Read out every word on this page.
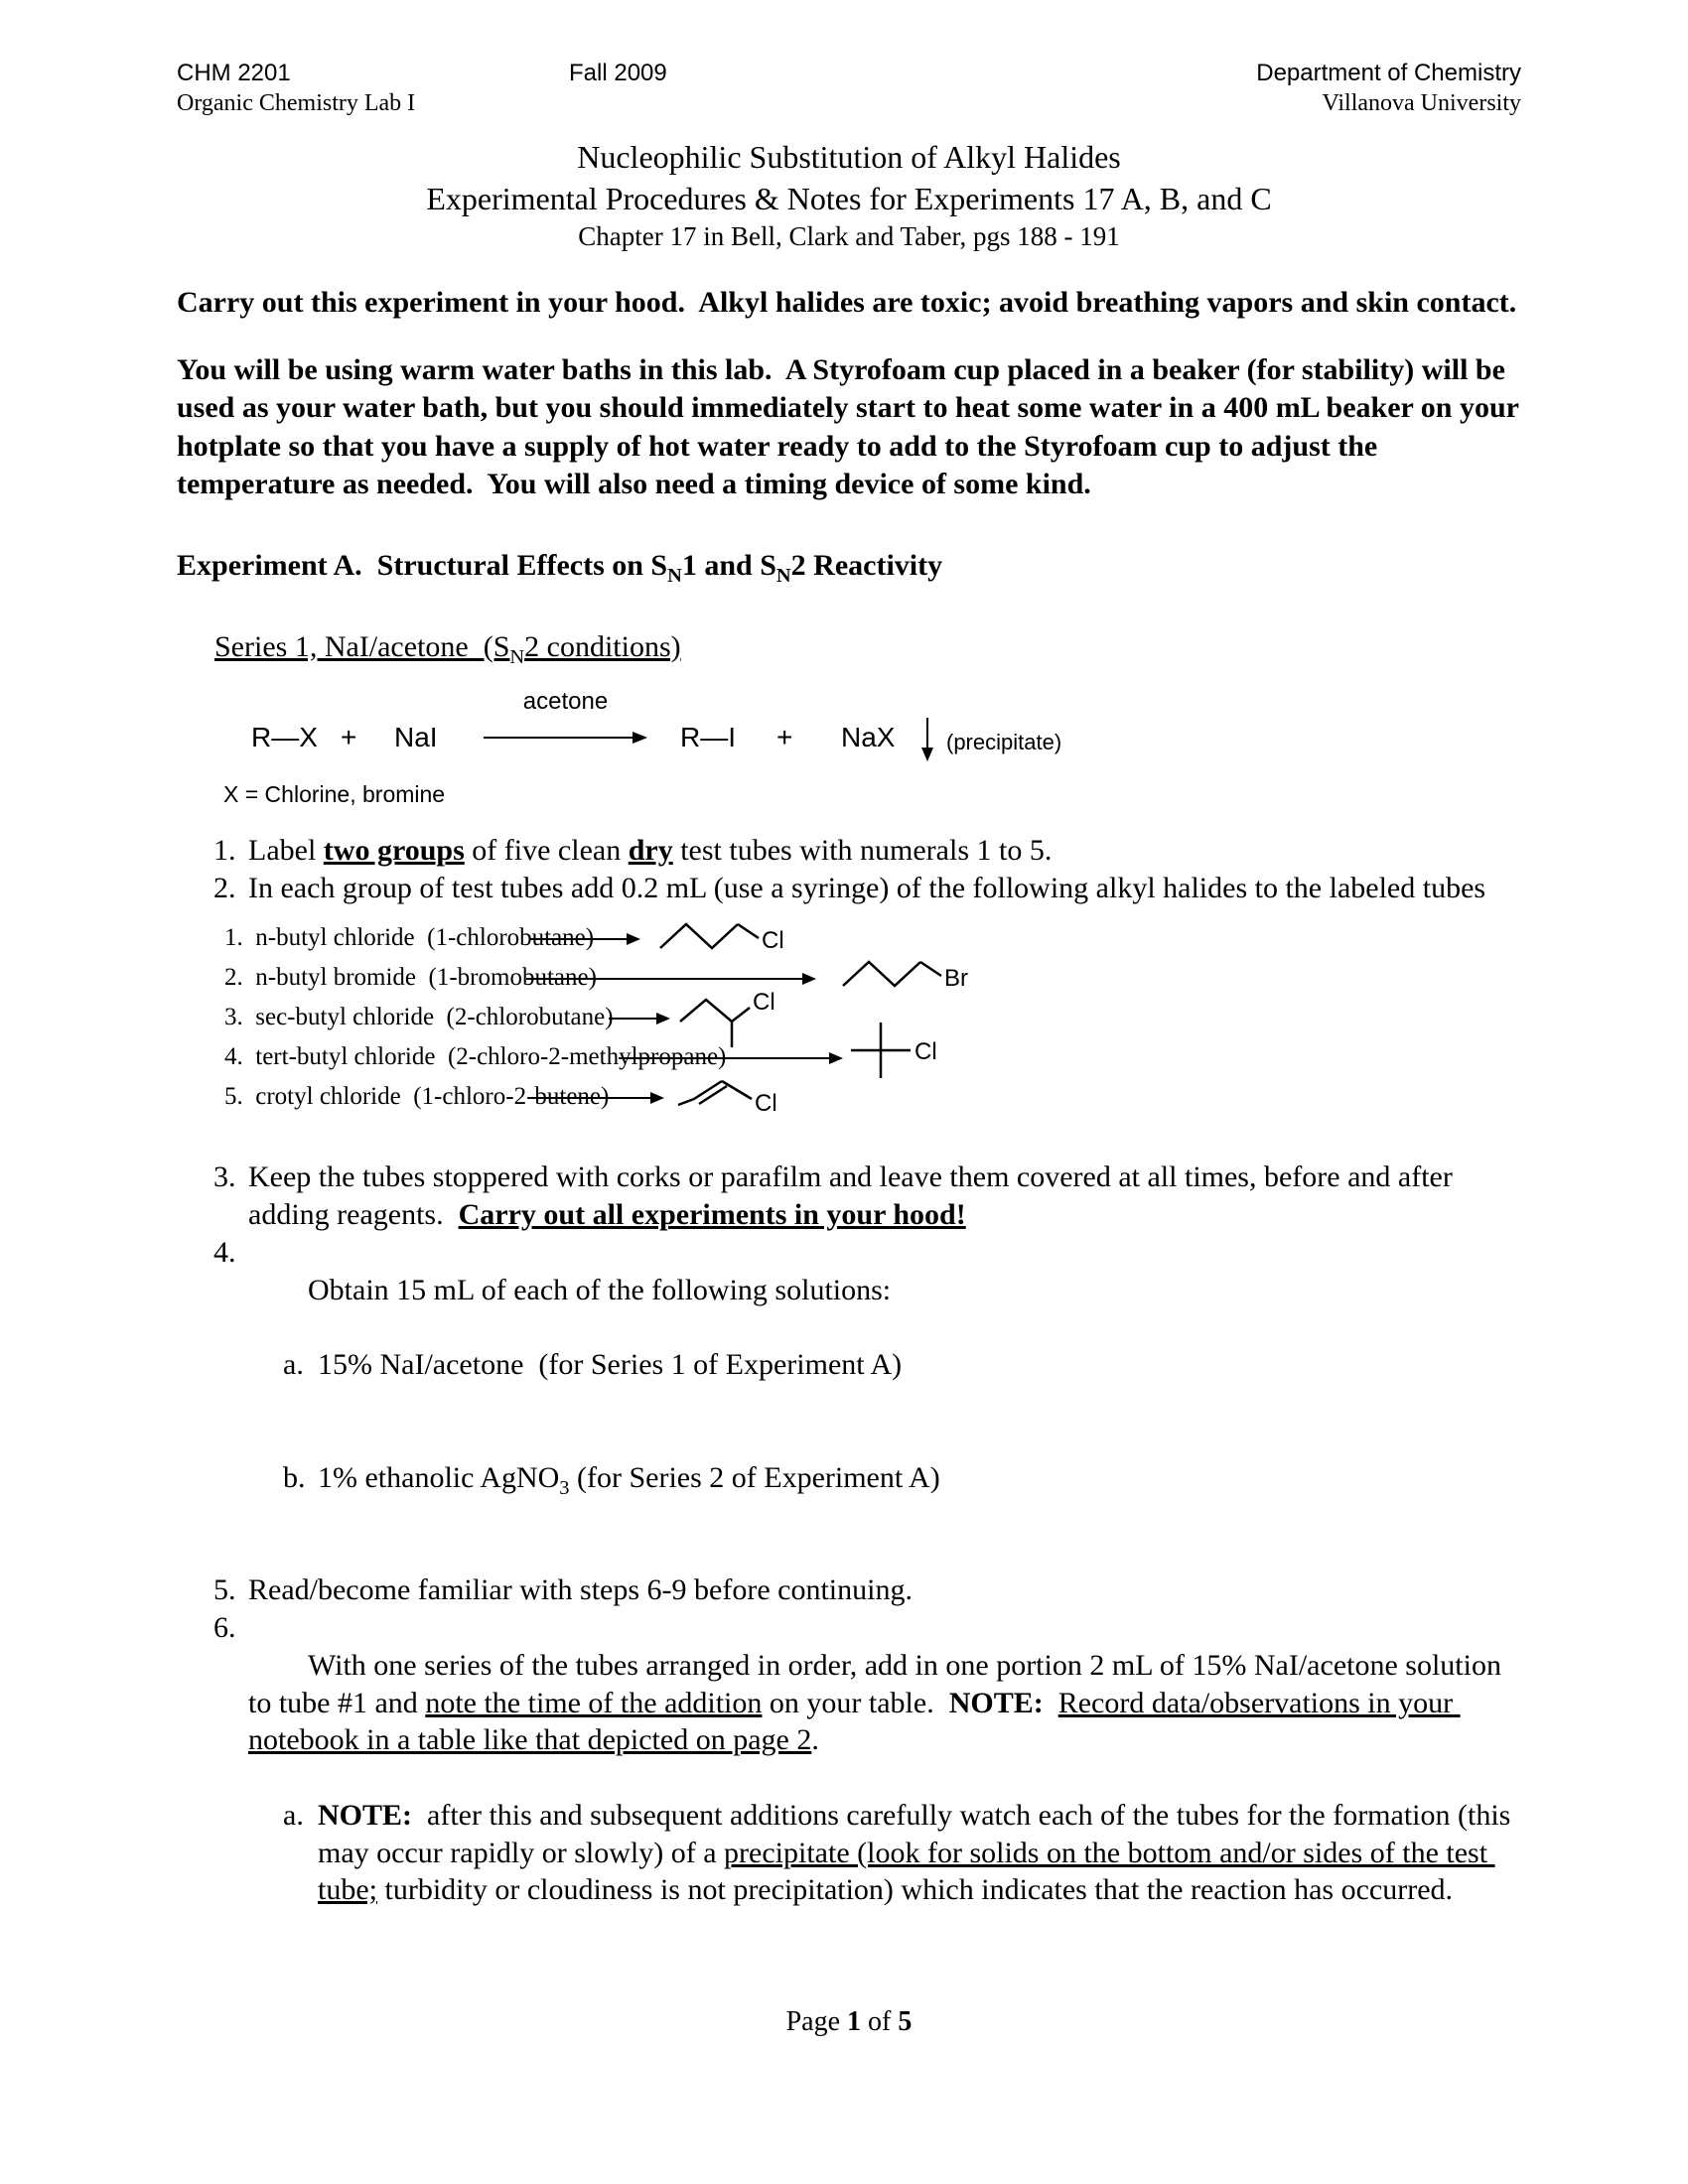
CHM 2201
Organic Chemistry Lab I
Fall 2009	Department of Chemistry
Villanova University
Nucleophilic Substitution of Alkyl Halides
Experimental Procedures & Notes for Experiments 17 A, B, and C
Chapter 17 in Bell, Clark and Taber, pgs 188 - 191

Carry out this experiment in your hood.  Alkyl halides are toxic; avoid breathing vapors and skin contact.

You will be using warm water baths in this lab.  A Styrofoam cup placed in a beaker (for stability) will be used as your water bath, but you should immediately start to heat some water in a 400 mL beaker on your hotplate so that you have a supply of hot water ready to add to the Styrofoam cup to adjust the temperature as needed.  You will also need a timing device of some kind.

Experiment A.  Structural Effects on $S_N1$ and $S_N2$ Reactivity
Series 1, NaI/acetone  ($S_N2$ conditions)
R—X + NaI
acetone
R—I + NaX (precipitate)
X = Chlorine, bromine
1. Label two groups of five clean dry test tubes with numerals 1 to 5.
2. In each group of test tubes add 0.2 mL (use a syringe) of the following alkyl halides to the labeled tubes
1.  n-butyl chloride  (1-chlorobutane)	Cl
2.  n-butyl bromide  (1-bromobutane)	Br
3.  sec-butyl chloride  (2-chlorobutane)
Cl
4.  tert-butyl chloride  (2-chloro-2-methylpropane)	Cl
5.  crotyl chloride  (1-chloro-2-butene)	Cl
3. Keep the tubes stoppered with corks or parafilm and leave them covered at all times, before and after adding reagents.  Carry out all experiments in your hood!
4.

Obtain 15 mL of each of the following solutions:

a. 15% NaI/acetone  (for Series 1 of Experiment A)

b. 1% ethanolic AgNO$_3$ (for Series 2 of Experiment A)

5. Read/become familiar with steps 6-9 before continuing.
6.

With one series of the tubes arranged in order, add in one portion 2 mL of 15% NaI/acetone solution to tube #1 and note the time of the addition on your table.  NOTE: Record data/observations in your notebook in a table like that depicted on page 2.

a. NOTE:  after this and subsequent additions carefully watch each of the tubes for the formation (this may occur rapidly or slowly) of a precipitate (look for solids on the bottom and/or sides of the test tube; turbidity or cloudiness is not precipitation) which indicates that the reaction has occurred.

Page 1 of 5
